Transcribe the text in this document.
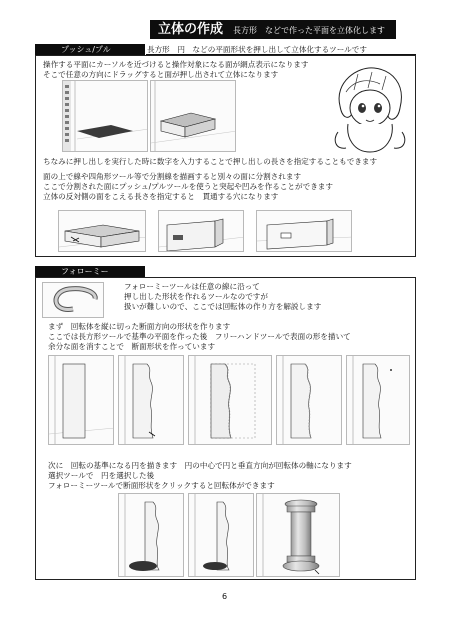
立体の作成 長方形　などで作った平面を立体化します
プッシュ/プル	長方形　円　などの平面形状を押し出して立体化するツールです
操作する平面にカーソルを近づけると操作対象になる面が網点表示になります
そこで任意の方向にドラッグすると面が押し出されて立体になります
ちなみに押し出しを実行した時に数字を入力することで押し出しの長さを指定することもできます
面の上で線や四角形ツール等で分割線を描画すると別々の面に分割されます
ここで分割された面にプッシュ/プルツールを使うと突起や凹みを作ることができます
立体の反対側の面をこえる長さを指定すると　貫通する穴になります
フォローミー
フォローミーツールは任意の線に沿って
押し出した形状を作れるツールなのですが
扱いが難しいので、ここでは回転体の作り方を解説します
まず　回転体を縦に切った断面方向の形状を作ります
ここでは長方形ツールで基準の平面を作った後　フリーハンドツールで表面の形を描いて
余分な面を消すことで　断面形状を作っています
次に　回転の基準になる円を描きます　円の中心で円と垂直方向が回転体の軸になります
選択ツールで　円を選択した後
フォローミーツールで断面形状をクリックすると回転体ができます
6
